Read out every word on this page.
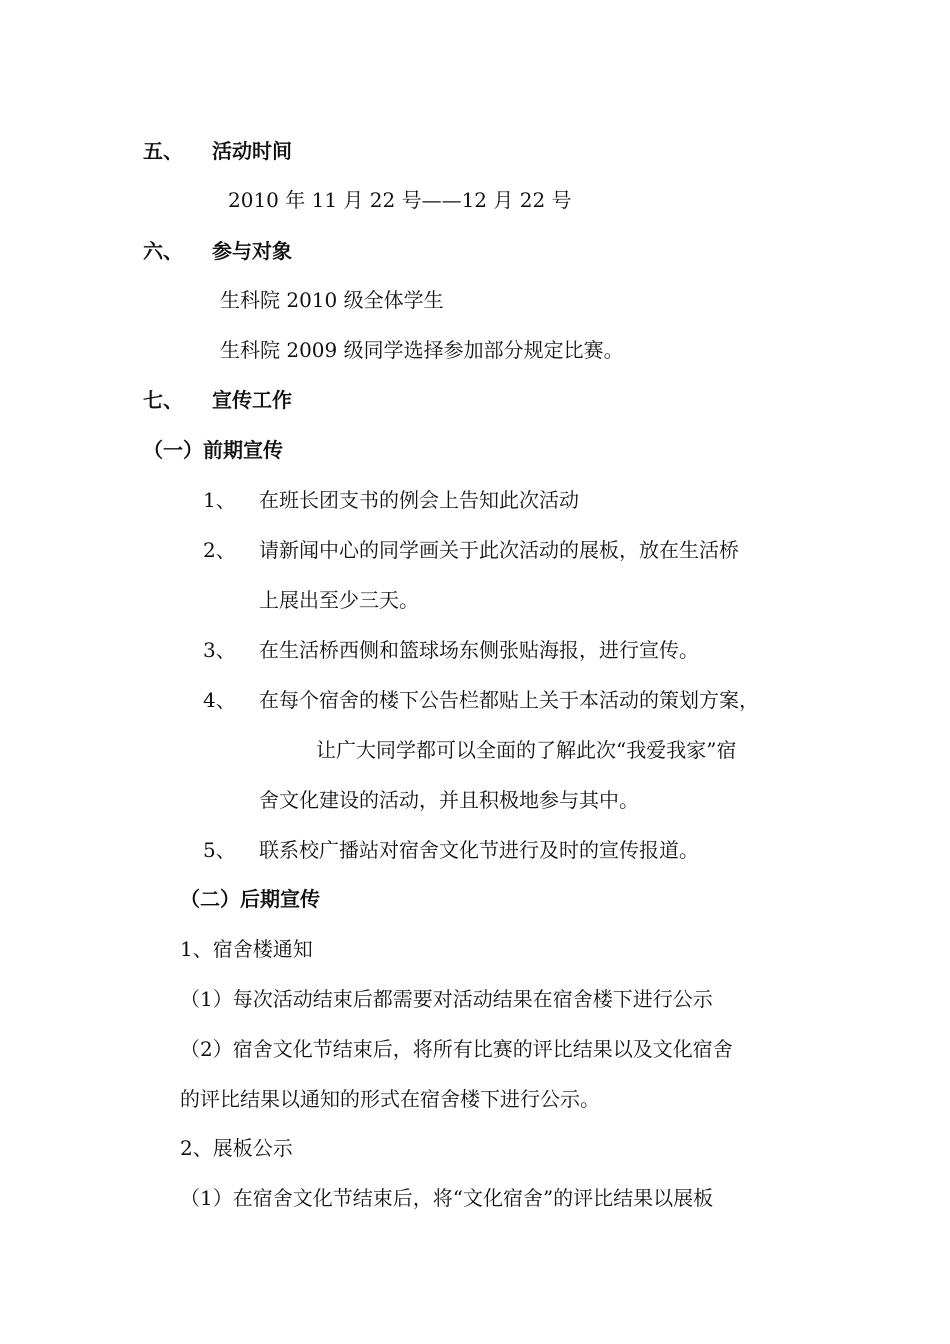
五、 活动时间

2010 年 11 月 22 号——12 月 22 号

六、 参与对象

生科院 2010 级全体学生

生科院 2009 级同学选择参加部分规定比赛。

七、 宣传工作

（一）前期宣传

1、 在班长团支书的例会上告知此次活动

2、 请新闻中心的同学画关于此次活动的展板，放在生活桥

上展出至少三天。

3、 在生活桥西侧和篮球场东侧张贴海报，进行宣传。

4、 在每个宿舍的楼下公告栏都贴上关于本活动的策划方案，

让广大同学都可以全面的了解此次“我爱我家”宿

舍文化建设的活动，并且积极地参与其中。

5、 联系校广播站对宿舍文化节进行及时的宣传报道。

（二）后期宣传

1、宿舍楼通知

（1）每次活动结束后都需要对活动结果在宿舍楼下进行公示

（2）宿舍文化节结束后，将所有比赛的评比结果以及文化宿舍

的评比结果以通知的形式在宿舍楼下进行公示。

2、展板公示

（1）在宿舍文化节结束后，将“文化宿舍”的评比结果以展板
